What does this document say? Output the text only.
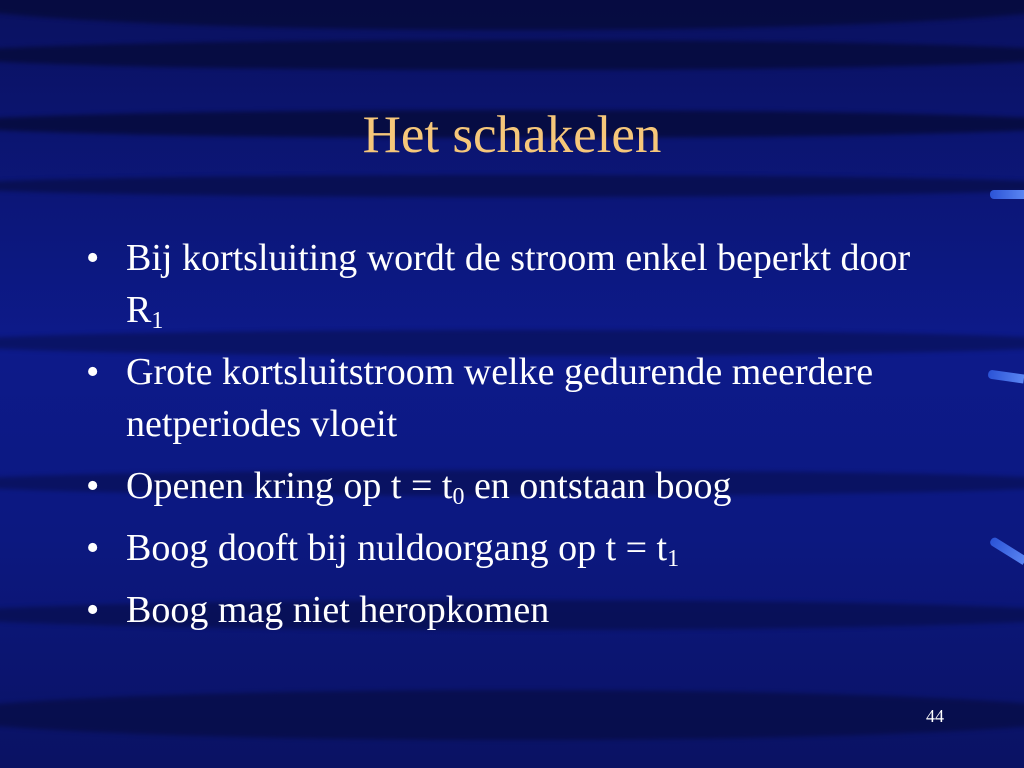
Het schakelen
• Bij kortsluiting wordt de stroom enkel beperkt door $R_1$
• Grote kortsluitstroom welke gedurende meerdere netperiodes vloeit
• Openen kring op $t = t_0$ en ontstaan boog
• Boog dooft bij nuldoorgang op $t = t_1$
• Boog mag niet heropkomen
44
